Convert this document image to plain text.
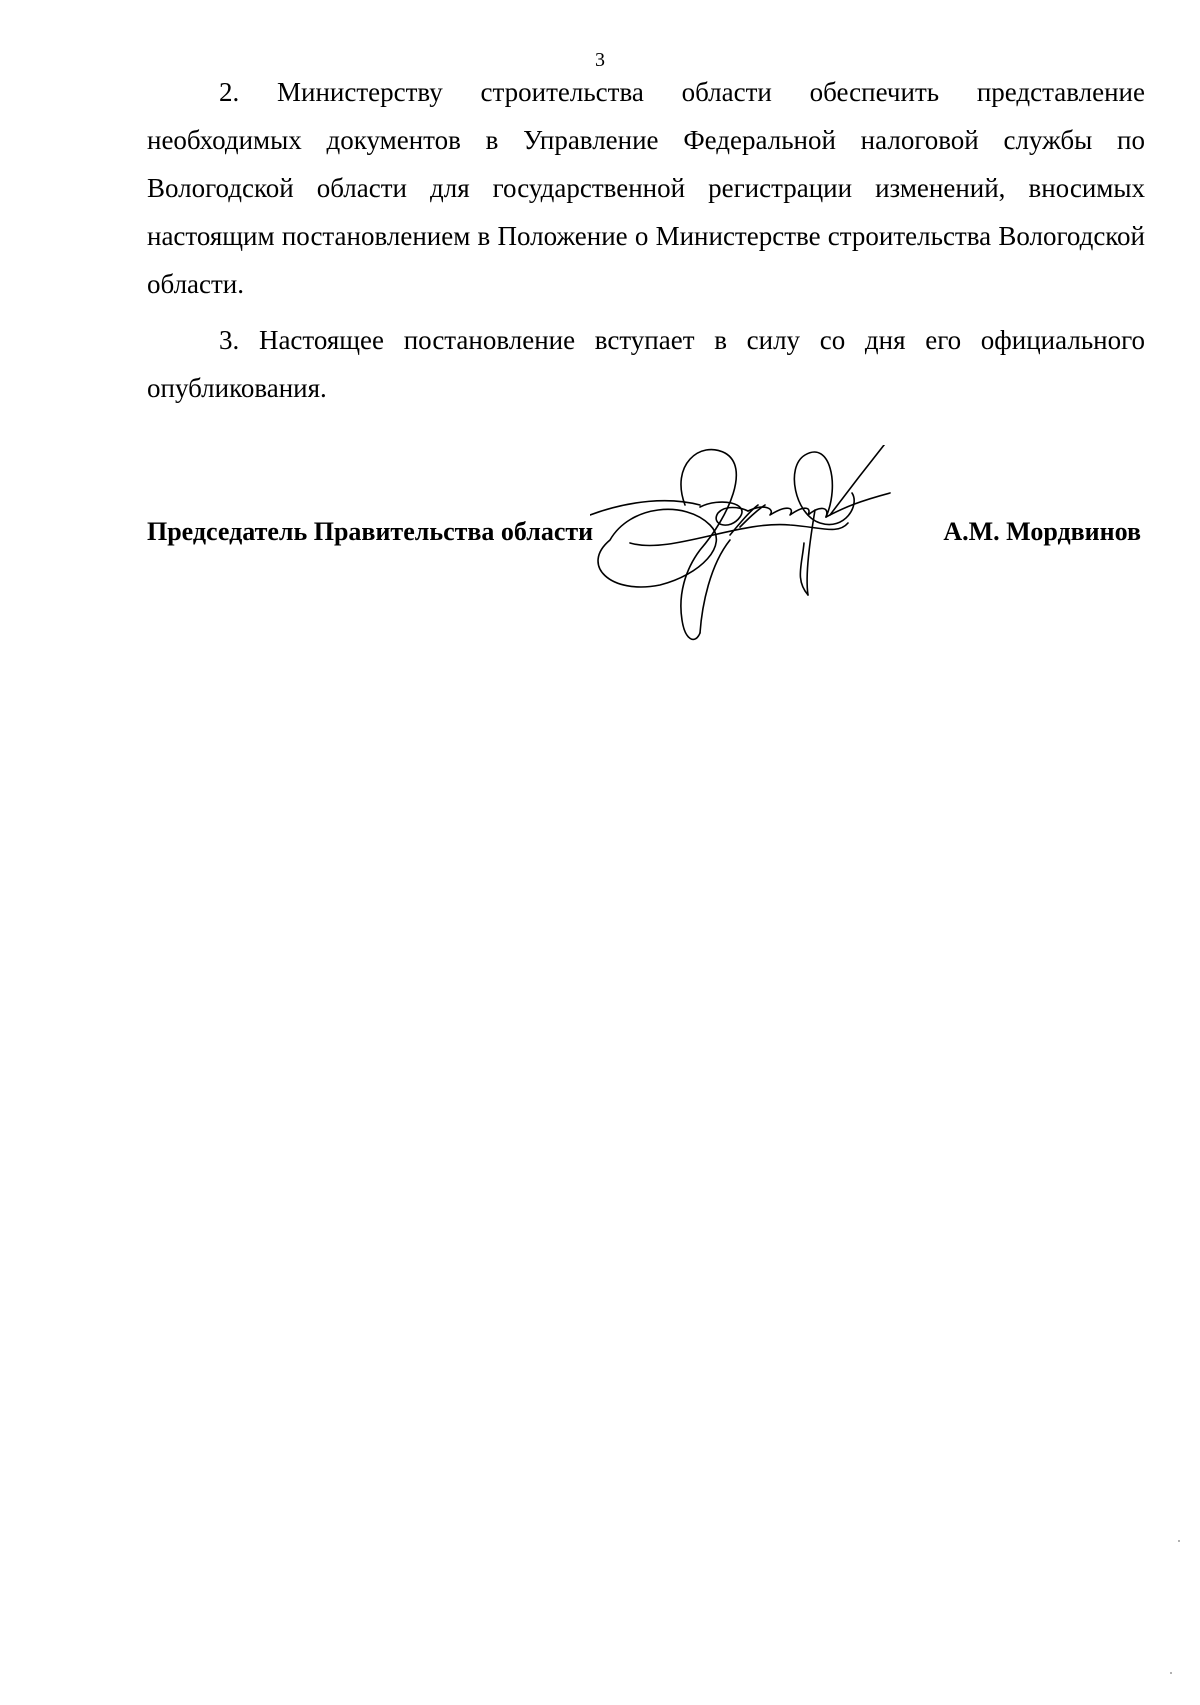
3

2. Министерству строительства области обеспечить представление необходимых документов в Управление Федеральной налоговой службы по Вологодской области для государственной регистрации изменений, вносимых настоящим постановлением в Положение о Министерстве строительства Вологодской области.

3. Настоящее постановление вступает в силу со дня его официального опубликования.

Председатель Правительства области	А.М. Мордвинов
